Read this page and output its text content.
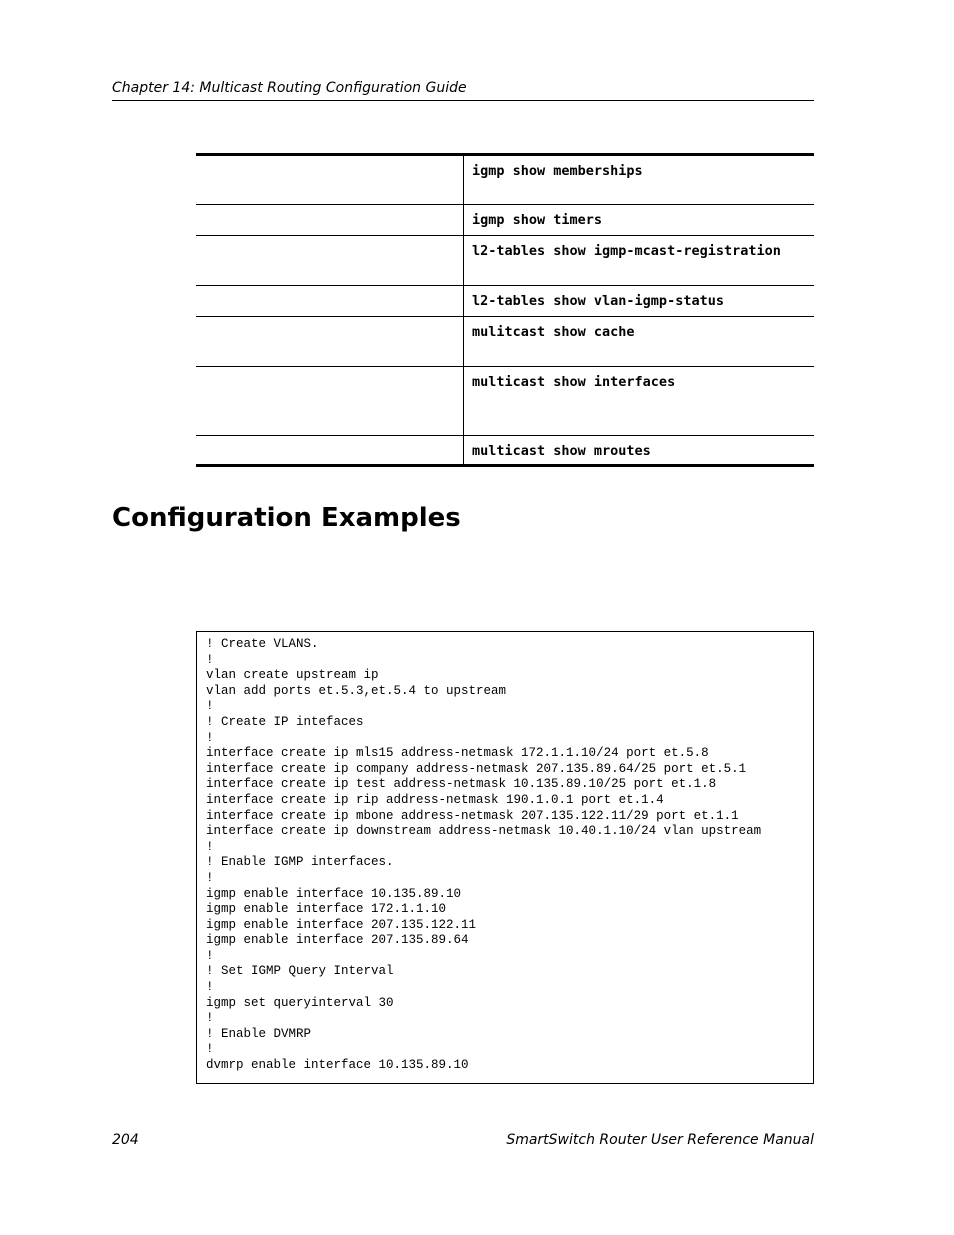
Chapter 14: Multicast Routing Configuration Guide
	igmp show memberships
	igmp show timers
	l2-tables show igmp-mcast-registration
	l2-tables show vlan-igmp-status
	mulitcast show cache
	multicast show interfaces
	multicast show mroutes
Configuration Examples
! Create VLANS.
!
vlan create upstream ip
vlan add ports et.5.3,et.5.4 to upstream
!
! Create IP intefaces
!
interface create ip mls15 address-netmask 172.1.1.10/24 port et.5.8
interface create ip company address-netmask 207.135.89.64/25 port et.5.1
interface create ip test address-netmask 10.135.89.10/25 port et.1.8
interface create ip rip address-netmask 190.1.0.1 port et.1.4
interface create ip mbone address-netmask 207.135.122.11/29 port et.1.1
interface create ip downstream address-netmask 10.40.1.10/24 vlan upstream
!
! Enable IGMP interfaces.
!
igmp enable interface 10.135.89.10
igmp enable interface 172.1.1.10
igmp enable interface 207.135.122.11
igmp enable interface 207.135.89.64
!
! Set IGMP Query Interval
!
igmp set queryinterval 30
!
! Enable DVMRP
!
dvmrp enable interface 10.135.89.10
204	SmartSwitch Router User Reference Manual
